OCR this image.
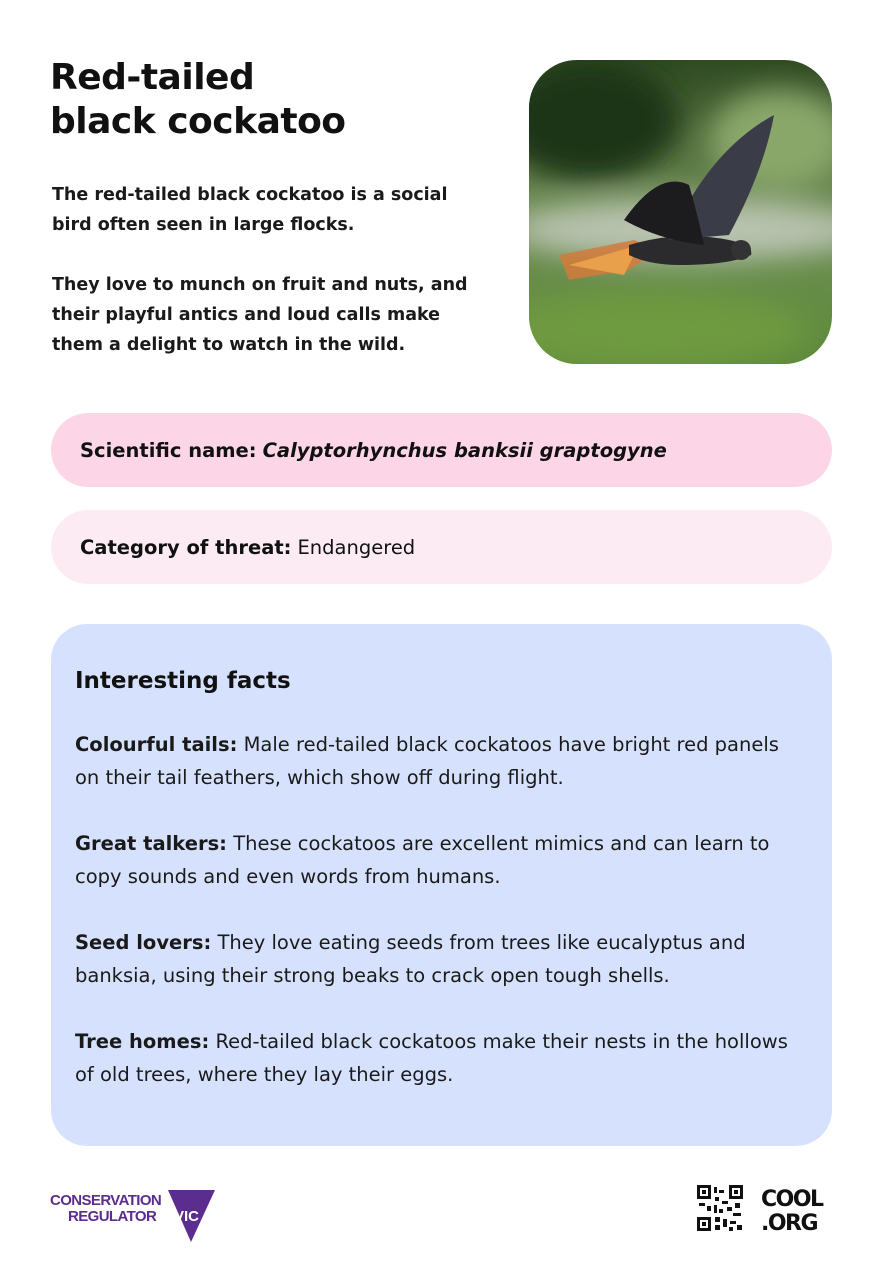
Red-tailed
black cockatoo

The red-tailed black cockatoo is a social bird often seen in large flocks.

They love to munch on fruit and nuts, and their playful antics and loud calls make them a delight to watch in the wild.

Scientific name: Calyptorhynchus banksii graptogyne
Category of threat: Endangered
Interesting facts
Colourful tails: Male red-tailed black cockatoos have bright red panels on their tail feathers, which show off during flight.
Great talkers: These cockatoos are excellent mimics and can learn to copy sounds and even words from humans.
Seed lovers: They love eating seeds from trees like eucalyptus and banksia, using their strong beaks to crack open tough shells.
Tree homes: Red-tailed black cockatoos make their nests in the hollows of old trees, where they lay their eggs.
CONSERVATION
REGULATOR VIC
COOL
.ORG
